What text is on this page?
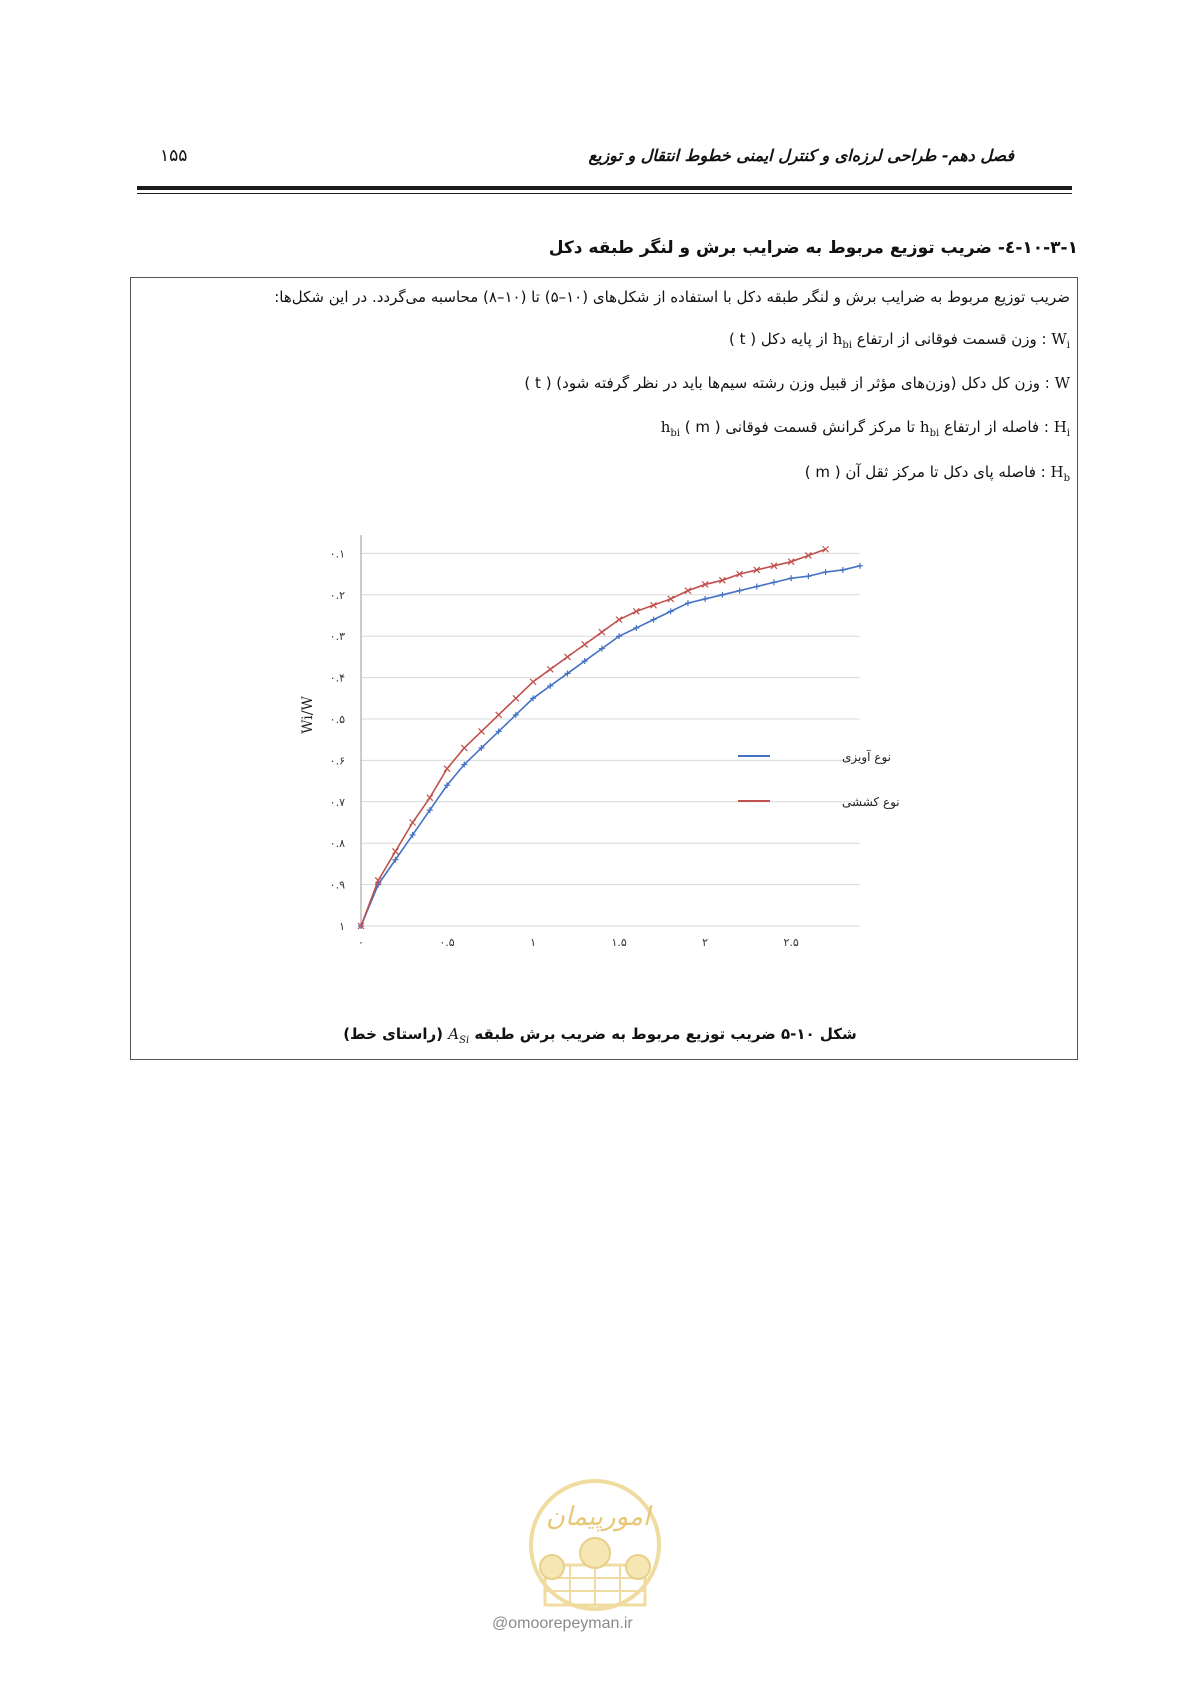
۱۵۵	فصل دهم- طراحی لرزه‌ای و کنترل ایمنی خطوط انتقال و توزیع
۱۰-۳-۱-٤- ضریب توزیع مربوط به ضرایب برش و لنگر طبقه دکل
ضریب توزیع مربوط به ضرایب برش و لنگر طبقه دکل با استفاده از شکل‌های (۱۰–۵) تا (۱۰–۸) محاسبه می‌گردد. در این شکل‌ها:
$W_i$ : وزن قسمت فوقانی از ارتفاع $h_{bi}$ از پایه دکل ( t )
W : وزن کل دکل (وزن‌های مؤثر از قبیل وزن رشته سیم‌ها باید در نظر گرفته شود) ( t )
$H_i$ : فاصله از ارتفاع $h_{bi}$ تا مرکز گرانش قسمت فوقانی $h_{bi}$ ( m )
$H_b$ : فاصله پای دکل تا مرکز ثقل آن ( m )
۰.۱
۰.۲
۰.۳
۰.۴
۰.۵
۰.۶
۰.۷
۰.۸
۰.۹
۱
۰	۰.۵	۱	۱.۵	۲	۲.۵
Wi/W
نوع آویزی
نوع کششی
شکل ۱۰-۵ ضریب توزیع مربوط به ضریب برش طبقه $A_{Si}$ (راستای خط)
امورپیمان
@omoorepeyman.ir
